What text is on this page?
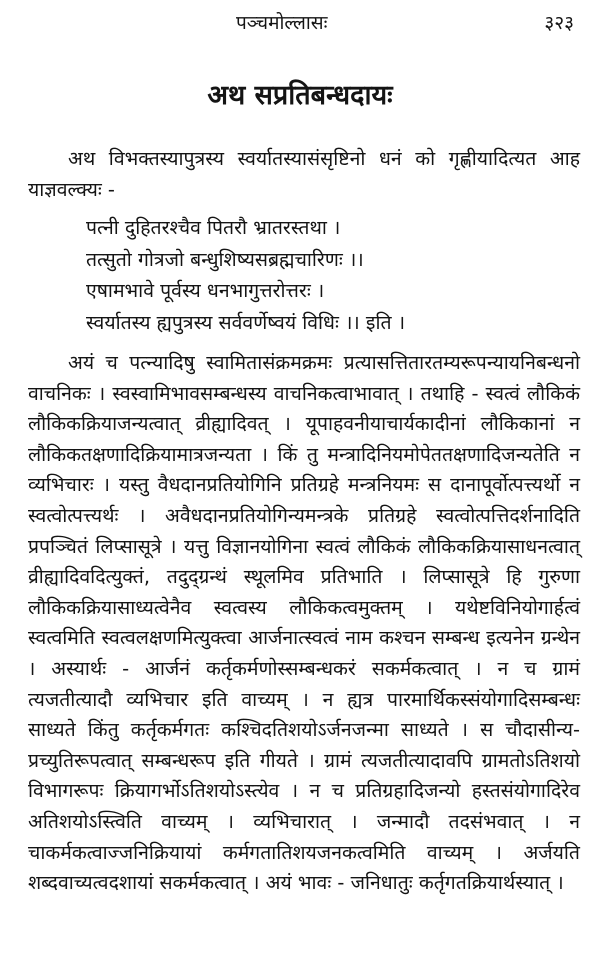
पञ्चमोल्लासः	३२३
अथ सप्रतिबन्धदायः

अथ विभक्तस्यापुत्रस्य स्वर्यातस्यासंसृष्टिनो धनं को गृह्णीयादित्यत आह याज्ञवल्क्यः -

पत्नी दुहितरश्चैव पितरौ भ्रातरस्तथा ।
तत्सुतो गोत्रजो बन्धुशिष्यसब्रह्मचारिणः ।।
एषामभावे पूर्वस्य धनभागुत्तरोत्तरः ।
स्वर्यातस्य ह्यपुत्रस्य सर्ववर्णेष्वयं विधिः ।। इति ।

अयं च पत्न्यादिषु स्वामितासंक्रमक्रमः प्रत्यासत्तितारतम्यरूपन्यायनिबन्धनो वाचनिकः । स्वस्वामिभावसम्बन्धस्य वाचनिकत्वाभावात् । तथाहि - स्वत्वं लौकिकं लौकिकक्रियाजन्यत्वात् व्रीह्यादिवत् । यूपाहवनीयाचार्यकादीनां लौकिकानां न लौकिकतक्षणादिक्रियामात्रजन्यता । किं तु मन्त्रादिनियमोपेततक्षणादिजन्यतेति न व्यभिचारः । यस्तु वैधदानप्रतियोगिनि प्रतिग्रहे मन्त्रनियमः स दानापूर्वोत्पत्त्यर्थो न स्वत्वोत्पत्त्यर्थः । अवैधदानप्रतियोगिन्यमन्त्रके प्रतिग्रहे स्वत्वोत्पत्तिदर्शनादिति प्रपञ्चितं लिप्सासूत्रे । यत्तु विज्ञानयोगिना स्वत्वं लौकिकं लौकिकक्रियासाधनत्वात् व्रीह्यादिवदित्युक्तं, तदुद्ग्रन्थं स्थूलमिव प्रतिभाति । लिप्सासूत्रे हि गुरुणा लौकिकक्रियासाध्यत्वेनैव स्वत्वस्य लौकिकत्वमुक्तम् । यथेष्टविनियोगार्हत्वं स्वत्वमिति स्वत्वलक्षणमित्युक्त्वा आर्जनात्स्वत्वं नाम कश्चन सम्बन्ध इत्यनेन ग्रन्थेन । अस्यार्थः - आर्जनं कर्तृकर्मणोस्सम्बन्धकरं सकर्मकत्वात् । न च ग्रामं त्यजतीत्यादौ व्यभिचार इति वाच्यम् । न ह्यत्र पारमार्थिकस्संयोगादिसम्बन्धः साध्यते किंतु कर्तृकर्मगतः कश्चिदतिशयोऽर्जनजन्मा साध्यते । स चौदासीन्य-प्रच्युतिरूपत्वात् सम्बन्धरूप इति गीयते । ग्रामं त्यजतीत्यादावपि ग्रामतोऽतिशयो विभागरूपः क्रियागर्भोऽतिशयोऽस्त्येव । न च प्रतिग्रहादिजन्यो हस्तसंयोगादिरेव अतिशयोऽस्त्विति वाच्यम् । व्यभिचारात् । जन्मादौ तदसंभवात् । न चाकर्मकत्वाज्जनिक्रियायां कर्मगतातिशयजनकत्वमिति वाच्यम् । अर्जयति शब्दवाच्यत्वदशायां सकर्मकत्वात् । अयं भावः - जनिधातुः कर्तृगतक्रियार्थस्यात् ।
